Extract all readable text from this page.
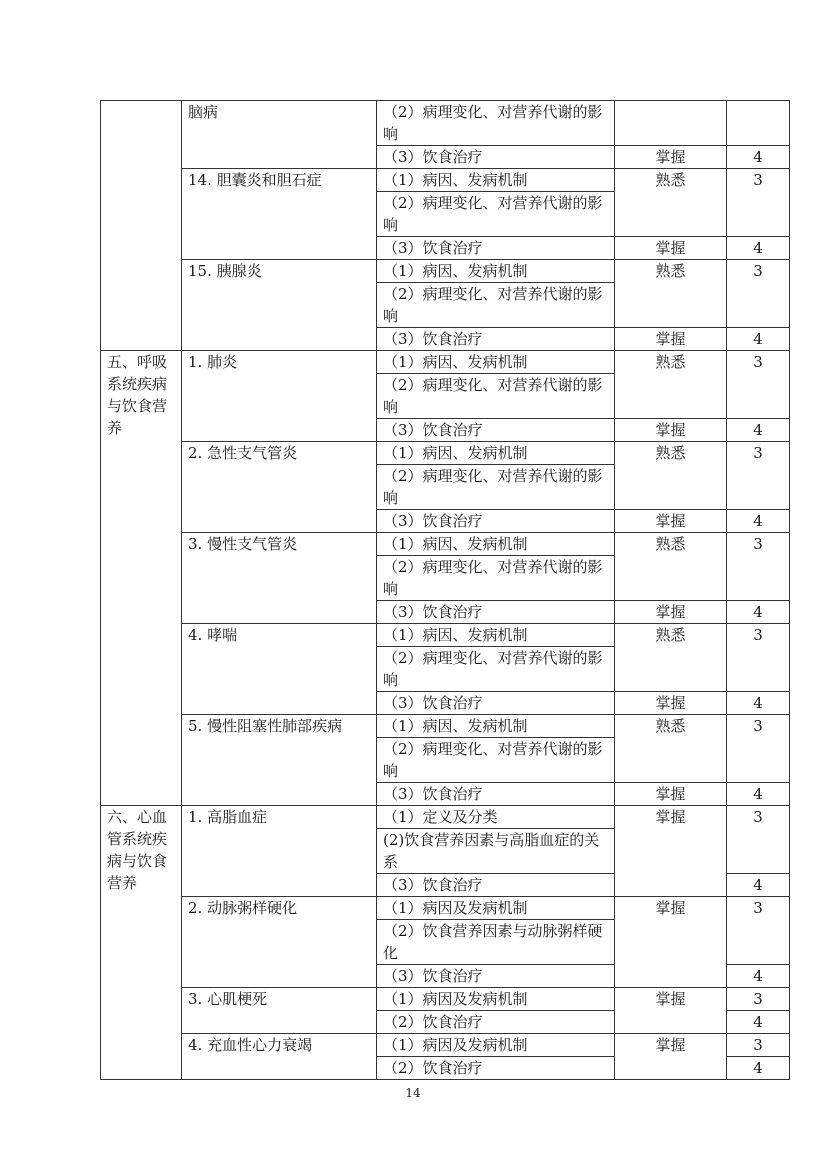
	脑病	（2）病理变化、对营养代谢的影响		

		（3）饮食治疗	掌握	4
	14. 胆囊炎和胆石症	（1）病因、发病机制	熟悉	3
		（2）病理变化、对营养代谢的影响		

		（3）饮食治疗	掌握	4
	15. 胰腺炎	（1）病因、发病机制	熟悉	3
		（2）病理变化、对营养代谢的影响		

		（3）饮食治疗	掌握	4
五、呼吸系统疾病与饮食营养	1. 肺炎	（1）病因、发病机制	熟悉	3
		（2）病理变化、对营养代谢的影响		

		（3）饮食治疗	掌握	4
	2. 急性支气管炎	（1）病因、发病机制	熟悉	3
		（2）病理变化、对营养代谢的影响		

		（3）饮食治疗	掌握	4
	3. 慢性支气管炎	（1）病因、发病机制	熟悉	3
		（2）病理变化、对营养代谢的影响		

		（3）饮食治疗	掌握	4
	4. 哮喘	（1）病因、发病机制	熟悉	3
		（2）病理变化、对营养代谢的影响		

		（3）饮食治疗	掌握	4
	5. 慢性阻塞性肺部疾病	（1）病因、发病机制	熟悉	3
		（2）病理变化、对营养代谢的影响		

		（3）饮食治疗	掌握	4
六、心血管系统疾病与饮食营养	1. 高脂血症	（1）定义及分类	掌握	3
		(2)饮食营养因素与高脂血症的关系		

		（3）饮食治疗		4
	2. 动脉粥样硬化	（1）病因及发病机制	掌握	3
		（2）饮食营养因素与动脉粥样硬化		

		（3）饮食治疗		4
	3. 心肌梗死	（1）病因及发病机制	掌握	3
		（2）饮食治疗		4
	4. 充血性心力衰竭	（1）病因及发病机制	掌握	3
		（2）饮食治疗		4
14
